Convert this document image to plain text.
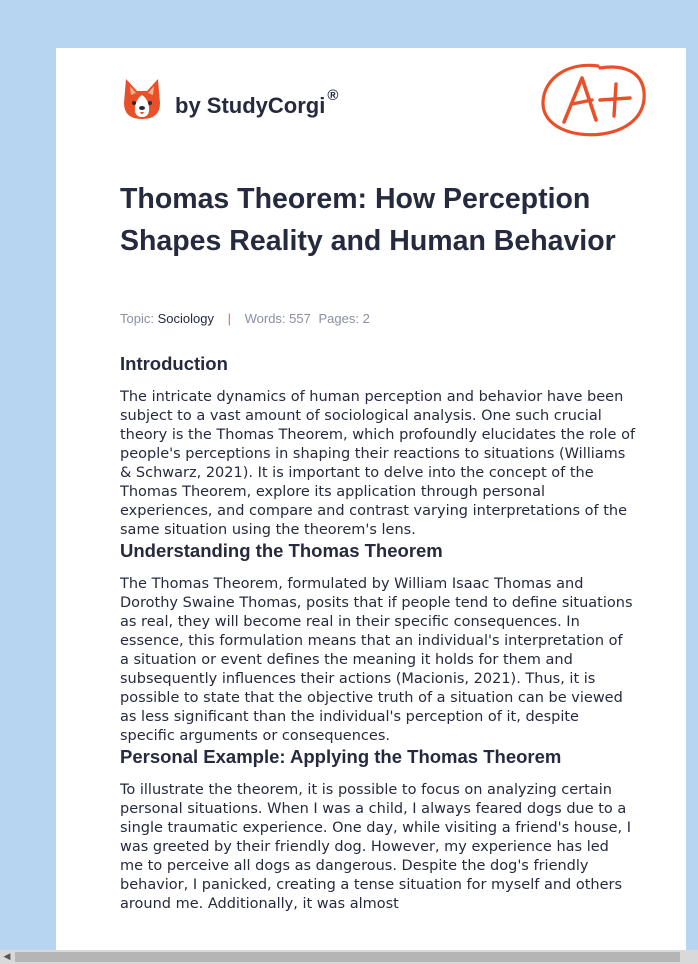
by StudyCorgi ®
Thomas Theorem: How Perception Shapes Reality and Human Behavior
Topic: Sociology | Words: 557 Pages: 2
Introduction

The intricate dynamics of human perception and behavior have been subject to a vast amount of sociological analysis. One such crucial theory is the Thomas Theorem, which profoundly elucidates the role of people's perceptions in shaping their reactions to situations (Williams & Schwarz, 2021). It is important to delve into the concept of the Thomas Theorem, explore its application through personal experiences, and compare and contrast varying interpretations of the same situation using the theorem's lens.

Understanding the Thomas Theorem

The Thomas Theorem, formulated by William Isaac Thomas and Dorothy Swaine Thomas, posits that if people tend to define situations as real, they will become real in their specific consequences. In essence, this formulation means that an individual's interpretation of a situation or event defines the meaning it holds for them and subsequently influences their actions (Macionis, 2021). Thus, it is possible to state that the objective truth of a situation can be viewed as less significant than the individual's perception of it, despite specific arguments or consequences.

Personal Example: Applying the Thomas Theorem

To illustrate the theorem, it is possible to focus on analyzing certain personal situations. When I was a child, I always feared dogs due to a single traumatic experience. One day, while visiting a friend's house, I was greeted by their friendly dog. However, my experience has led me to perceive all dogs as dangerous. Despite the dog's friendly behavior, I panicked, creating a tense situation for myself and others around me. Additionally, it was almost

◀
